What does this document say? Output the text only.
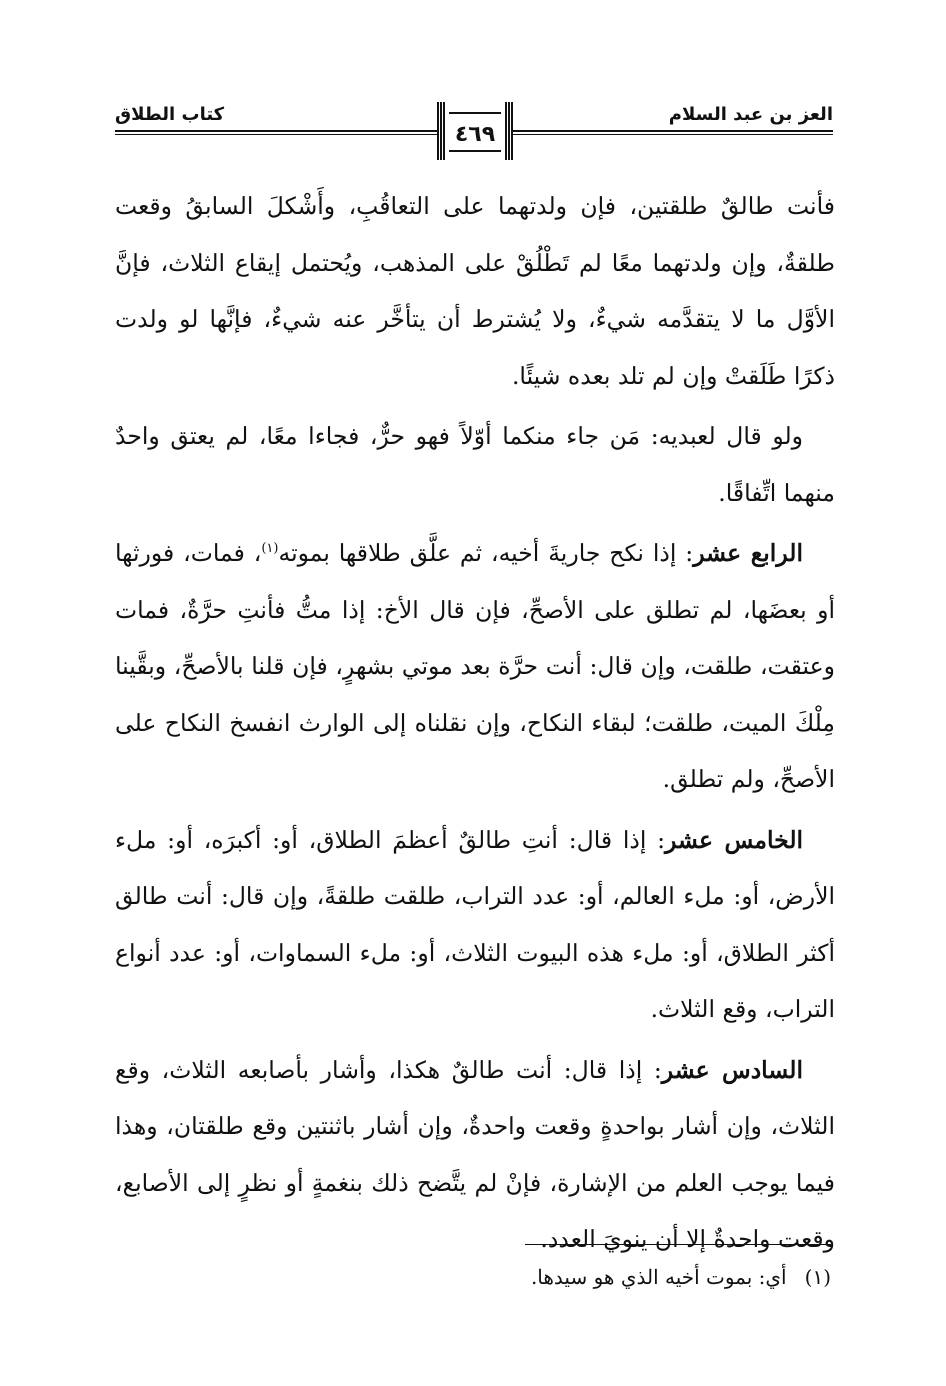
العز بن عبد السلام
كتاب الطلاق
٤٦٩

فأنت طالقٌ طلقتين، فإن ولدتهما على التعاقُبِ، وأَشْكلَ السابقُ وقعت طلقةٌ، وإن ولدتهما معًا لم تَطْلُقْ على المذهب، ويُحتمل إيقاع الثلاث، فإنَّ الأوَّل ما لا يتقدَّمه شيءٌ، ولا يُشترط أن يتأخَّر عنه شيءٌ، فإنَّها لو ولدت ذكرًا طَلَقتْ وإن لم تلد بعده شيئًا.

ولو قال لعبديه: مَن جاء منكما أوّلاً فهو حرٌّ، فجاءا معًا، لم يعتق واحدٌ منهما اتِّفاقًا.

الرابع عشر: إذا نكح جاريةَ أخيه، ثم علَّق طلاقها بموته$^{(١)}$، فمات، فورثها أو بعضَها، لم تطلق على الأصحِّ، فإن قال الأخ: إذا متُّ فأنتِ حرَّةٌ، فمات وعتقت، طلقت، وإن قال: أنت حرَّة بعد موتي بشهرٍ، فإن قلنا بالأصحِّ، وبقَّينا مِلْكَ الميت، طلقت؛ لبقاء النكاح، وإن نقلناه إلى الوارث انفسخ النكاح على الأصحِّ، ولم تطلق.

الخامس عشر: إذا قال: أنتِ طالقٌ أعظمَ الطلاق، أو: أكبرَه، أو: ملء الأرض، أو: ملء العالم، أو: عدد التراب، طلقت طلقةً، وإن قال: أنت طالق أكثر الطلاق، أو: ملء هذه البيوت الثلاث، أو: ملء السماوات، أو: عدد أنواع التراب، وقع الثلاث.

السادس عشر: إذا قال: أنت طالقٌ هكذا، وأشار بأصابعه الثلاث، وقع الثلاث، وإن أشار بواحدةٍ وقعت واحدةٌ، وإن أشار باثنتين وقع طلقتان، وهذا فيما يوجب العلم من الإشارة، فإنْ لم يتَّضح ذلك بنغمةٍ أو نظرٍ إلى الأصابع، وقعت واحدةٌ إلا أن ينويَ العدد.

(١)أي: بموت أخيه الذي هو سيدها.
